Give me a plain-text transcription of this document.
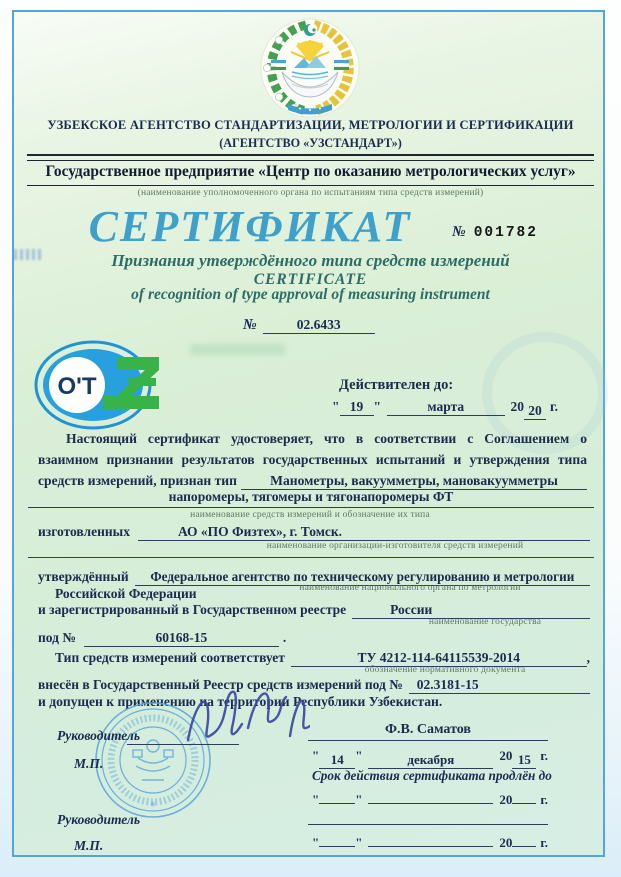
УЗБЕКСКОЕ АГЕНТСТВО СТАНДАРТИЗАЦИИ, МЕТРОЛОГИИ И СЕРТИФИКАЦИИ
(АГЕНТСТВО «УЗСТАНДАРТ»)
Государственное предприятие «Центр по оказанию метрологических услуг»
(наименование уполномоченного органа по испытаниям типа средств измерений)
СЕРТИФИКАТ	№ 001782
Признания утверждённого типа средств измерений
CERTIFICATE
of recognition of type approval of measuring instrument
№	02.6433
O'T	Действителен до:
" 19 "	марта	20 20 г.
Настоящий сертификат удостоверяет, что в соответствии с Соглашением о
взаимном признании результатов государственных испытаний и утверждения типа
средств измерений, признан тип	Манометры, вакуумметры, мановакуумметры
напоромеры, тягомеры и тягонапоромеры ФТ
наименование средств измерений и обозначение их типа
изготовленных	АО «ПО Физтех», г. Томск.
наименование организации-изготовителя средств измерений
утверждённый	Федеральное агентство по техническому регулированию и метрологии
наименование национального органа по метрологии
Российской Федерации
и зарегистрированный в Государственном реестре	России
наименование государства
под №	60168-15	.
Тип средств измерений соответствует	ТУ 4212-114-64115539-2014	,
обозначение нормативного документа
внесён в Государственный Реестр средств измерений под №	02.3181-15
и допущен к применению на территории Республики Узбекистан.
✳
Руководитель	Ф.В. Саматов
М.П.
" 14 "	декабря	20 15 г.
Срок действия сертификата продлён до
"	"	20 г.
Руководитель
М.П.	"	"	20 г.
